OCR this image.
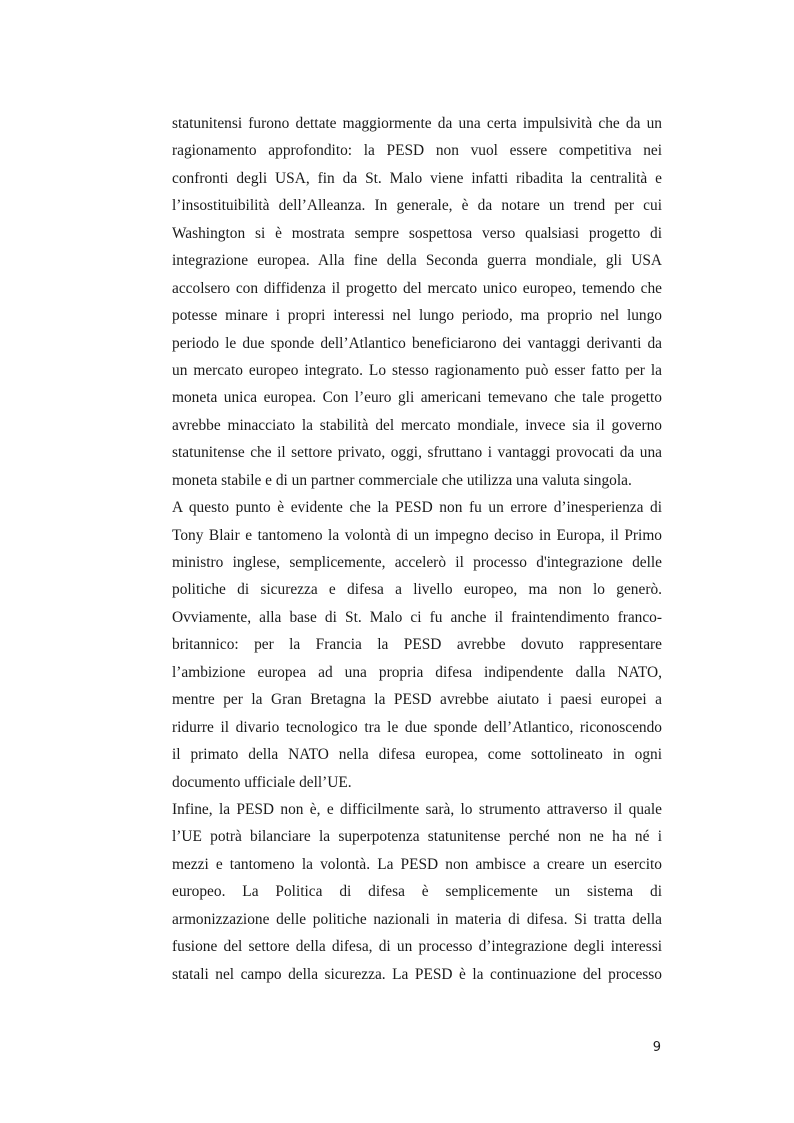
statunitensi furono dettate maggiormente da una certa impulsività che da un
ragionamento approfondito: la PESD non vuol essere competitiva nei
confronti degli USA, fin da St. Malo viene infatti ribadita la centralità e
l’insostituibilità dell’Alleanza. In generale, è da notare un trend per cui
Washington si è mostrata sempre sospettosa verso qualsiasi progetto di
integrazione europea. Alla fine della Seconda guerra mondiale, gli USA
accolsero con diffidenza il progetto del mercato unico europeo, temendo che
potesse minare i propri interessi nel lungo periodo, ma proprio nel lungo
periodo le due sponde dell’Atlantico beneficiarono dei vantaggi derivanti da
un mercato europeo integrato. Lo stesso ragionamento può esser fatto per la
moneta unica europea. Con l’euro gli americani temevano che tale progetto
avrebbe minacciato la stabilità del mercato mondiale, invece sia il governo
statunitense che il settore privato, oggi, sfruttano i vantaggi provocati da una
moneta stabile e di un partner commerciale che utilizza una valuta singola.
A questo punto è evidente che la PESD non fu un errore d’inesperienza di
Tony Blair e tantomeno la volontà di un impegno deciso in Europa, il Primo
ministro inglese, semplicemente, accelerò il processo d'integrazione delle
politiche di sicurezza e difesa a livello europeo, ma non lo generò.
Ovviamente, alla base di St. Malo ci fu anche il fraintendimento franco-
britannico: per la Francia la PESD avrebbe dovuto rappresentare
l’ambizione europea ad una propria difesa indipendente dalla NATO,
mentre per la Gran Bretagna la PESD avrebbe aiutato i paesi europei a
ridurre il divario tecnologico tra le due sponde dell’Atlantico, riconoscendo
il primato della NATO nella difesa europea, come sottolineato in ogni
documento ufficiale dell’UE.
Infine, la PESD non è, e difficilmente sarà, lo strumento attraverso il quale
l’UE potrà bilanciare la superpotenza statunitense perché non ne ha né i
mezzi e tantomeno la volontà. La PESD non ambisce a creare un esercito
europeo. La Politica di difesa è semplicemente un sistema di
armonizzazione delle politiche nazionali in materia di difesa. Si tratta della
fusione del settore della difesa, di un processo d’integrazione degli interessi
statali nel campo della sicurezza. La PESD è la continuazione del processo
9
